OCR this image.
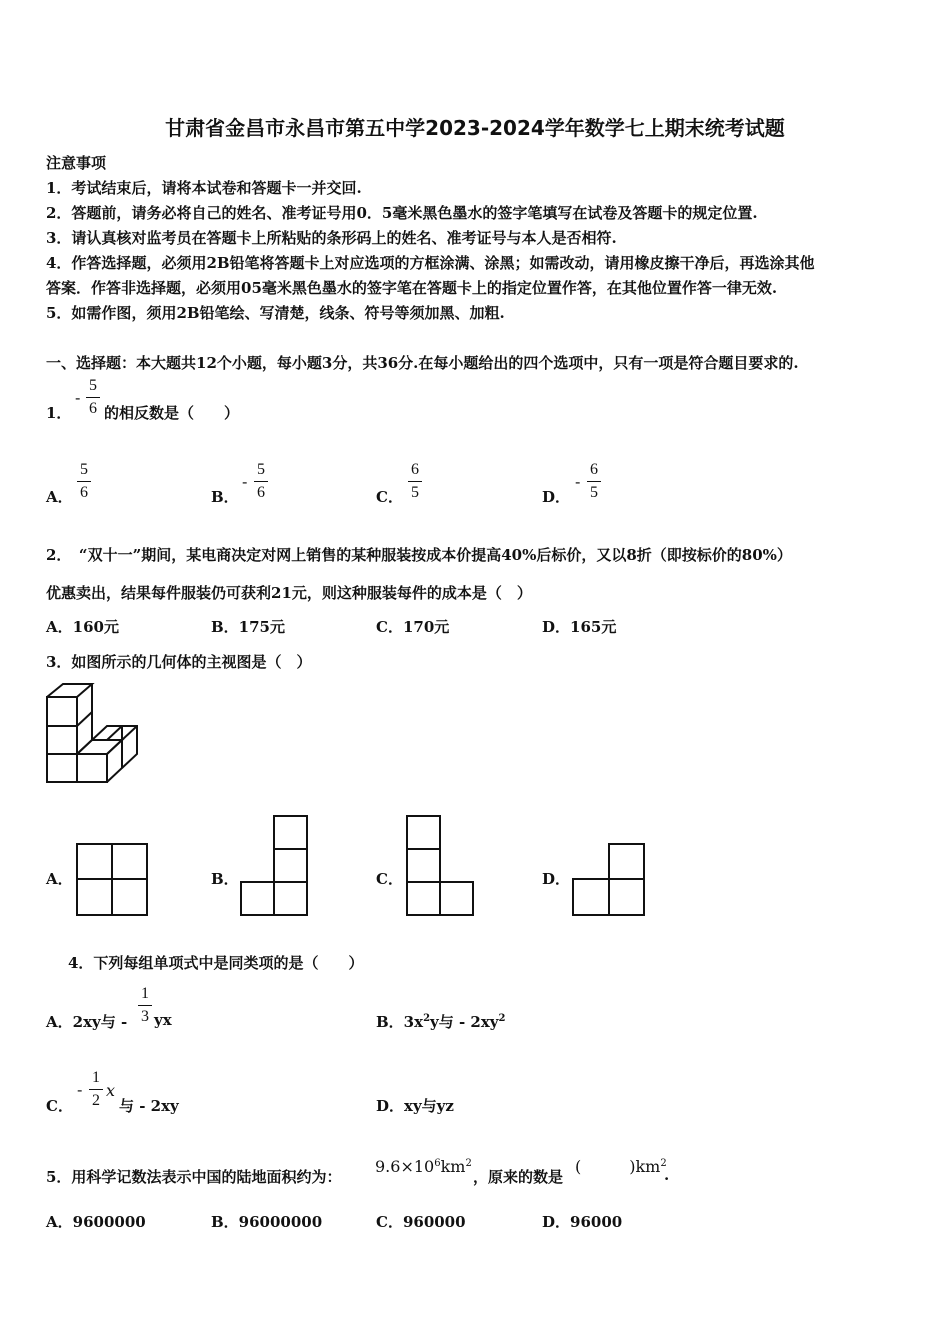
甘肃省金昌市永昌市第五中学2023-2024学年数学七上期末统考试题
注意事项
1．考试结束后，请将本试卷和答题卡一并交回.
2．答题前，请务必将自己的姓名、准考证号用0．5毫米黑色墨水的签字笔填写在试卷及答题卡的规定位置.
3．请认真核对监考员在答题卡上所粘贴的条形码上的姓名、准考证号与本人是否相符.
4．作答选择题，必须用2B铅笔将答题卡上对应选项的方框涂满、涂黑；如需改动，请用橡皮擦干净后，再选涂其他
答案．作答非选择题，必须用05毫米黑色墨水的签字笔在答题卡上的指定位置作答，在其他位置作答一律无效.
5．如需作图，须用2B铅笔绘、写清楚，线条、符号等须加黑、加粗.
一、选择题：本大题共12个小题，每小题3分，共36分.在每小题给出的四个选项中，只有一项是符合题目要求的.
1．
-
5
6 的相反数是（　　）
A．
5
6	B．
-
5
6	C．
6
5	D．
-
6
5
2．　“双十一”期间，某电商决定对网上销售的某种服装按成本价提高40%后标价，又以8折（即按标价的80%）
优惠卖出，结果每件服装仍可获利21元，则这种服装每件的成本是（　）
A．160元	B．175元	C．170元	D．165元
3．如图所示的几何体的主视图是（　）
A．	B．	C．	D．
4．下列每组单项式中是同类项的是（　　）
A．2xy与 -
1
3 yx	B．$3x^2y$与 - $2xy^2$
C．
-
1
2
x
与 - 2xy	D．xy与yz
5．用科学记数法表示中国的陆地面积约为：
$9.6\times 10^6km^2$
，原来的数是
(　　　)$km^2$
.
A．9600000	B．96000000	C．960000	D．96000
